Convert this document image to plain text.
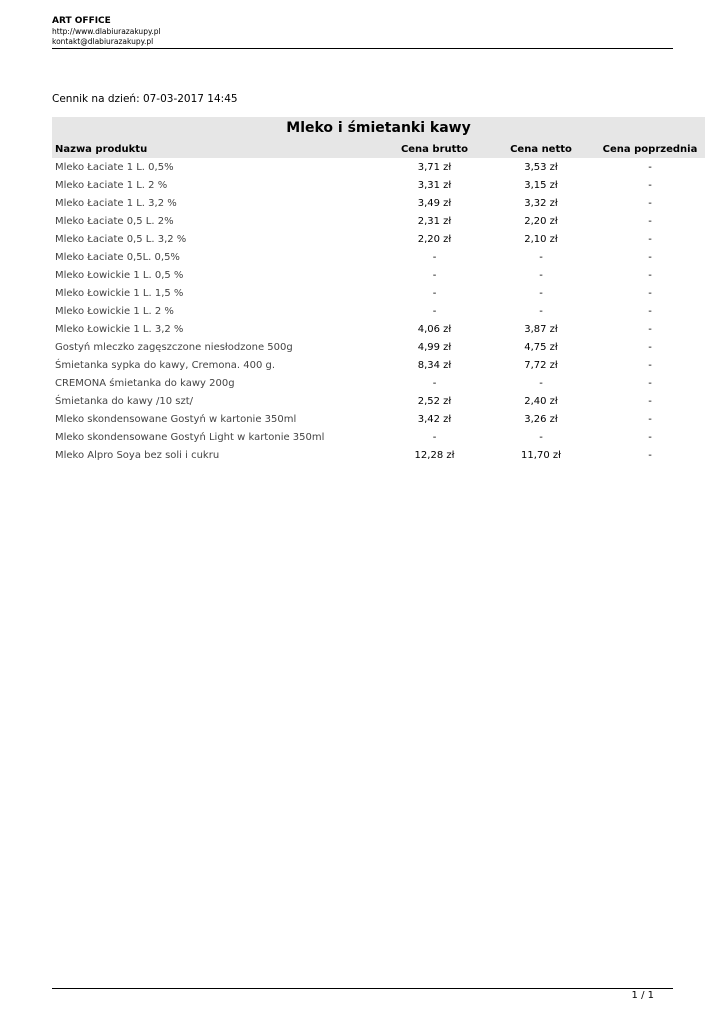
ART OFFICE
http://www.dlabiurazakupy.pl
kontakt@dlabiurazakupy.pl
Cennik na dzień: 07-03-2017 14:45
Mleko i śmietanki kawy
Nazwa produktu	Cena brutto	Cena netto	Cena poprzednia
Mleko Łaciate 1 L. 0,5%	3,71 zł	3,53 zł	-
Mleko Łaciate 1 L. 2 %	3,31 zł	3,15 zł	-
Mleko Łaciate 1 L. 3,2 %	3,49 zł	3,32 zł	-
Mleko Łaciate 0,5 L. 2%	2,31 zł	2,20 zł	-
Mleko Łaciate 0,5 L. 3,2 %	2,20 zł	2,10 zł	-
Mleko Łaciate 0,5L. 0,5%	-	-	-
Mleko Łowickie 1 L. 0,5 %	-	-	-
Mleko Łowickie 1 L. 1,5 %	-	-	-
Mleko Łowickie 1 L. 2 %	-	-	-
Mleko Łowickie 1 L. 3,2 %	4,06 zł	3,87 zł	-
Gostyń mleczko zagęszczone niesłodzone 500g	4,99 zł	4,75 zł	-
Śmietanka sypka do kawy, Cremona. 400 g.	8,34 zł	7,72 zł	-
CREMONA śmietanka do kawy 200g	-	-	-
Śmietanka do kawy /10 szt/	2,52 zł	2,40 zł	-
Mleko skondensowane Gostyń w kartonie 350ml	3,42 zł	3,26 zł	-
Mleko skondensowane Gostyń Light w kartonie 350ml	-	-	-
Mleko Alpro Soya bez soli i cukru	12,28 zł	11,70 zł	-
1 / 1
